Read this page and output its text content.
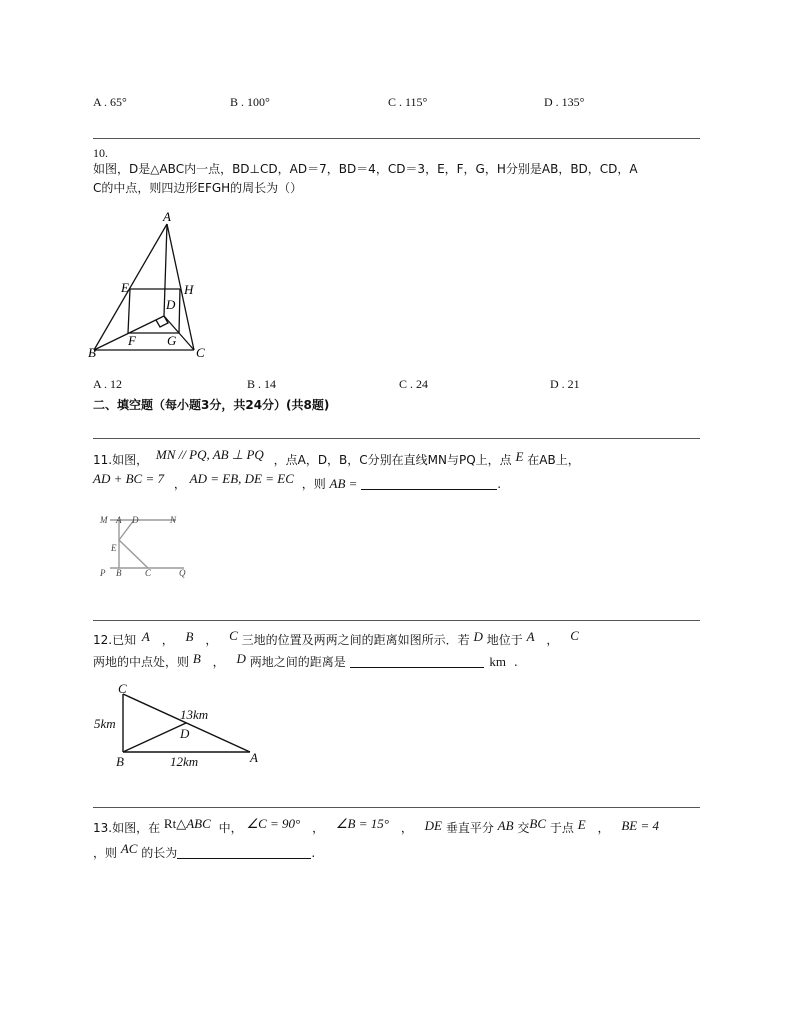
A . 65°	B . 100°	C . 115°	D . 135°
10.
如图，D是△ABC内一点，BD⊥CD，AD＝7，BD＝4，CD＝3，E，F，G，H分别是AB，BD，CD，A
C的中点，则四边形EFGH的周长为（）
A
B	C
D
E
F G
H
A . 12	B . 14	C . 24	D . 21
二、填空题（每小题3分，共24分）(共8题)
11.如图， MN // PQ, AB ⊥ PQ ，点A，D，B，C分别在直线MN与PQ上，点 E 在AB上，
AD + BC = 7 ， AD = EB, DE = EC ，则 AB =	.
M A D	N
E
P B	C	Q
12.已知 A ， B ， C 三地的位置及两两之间的距离如图所示．若 D 地位于 A ， C
两地的中点处，则 B ， D 两地之间的距离是	km .
C
B	A
D
5km
13km
12km
13.如图，在 Rt△ABC 中， ∠C = 90° ， ∠B = 15° ， DE 垂直平分 AB 交BC 于点 E ， BE = 4
，则 AC 的长为	.
